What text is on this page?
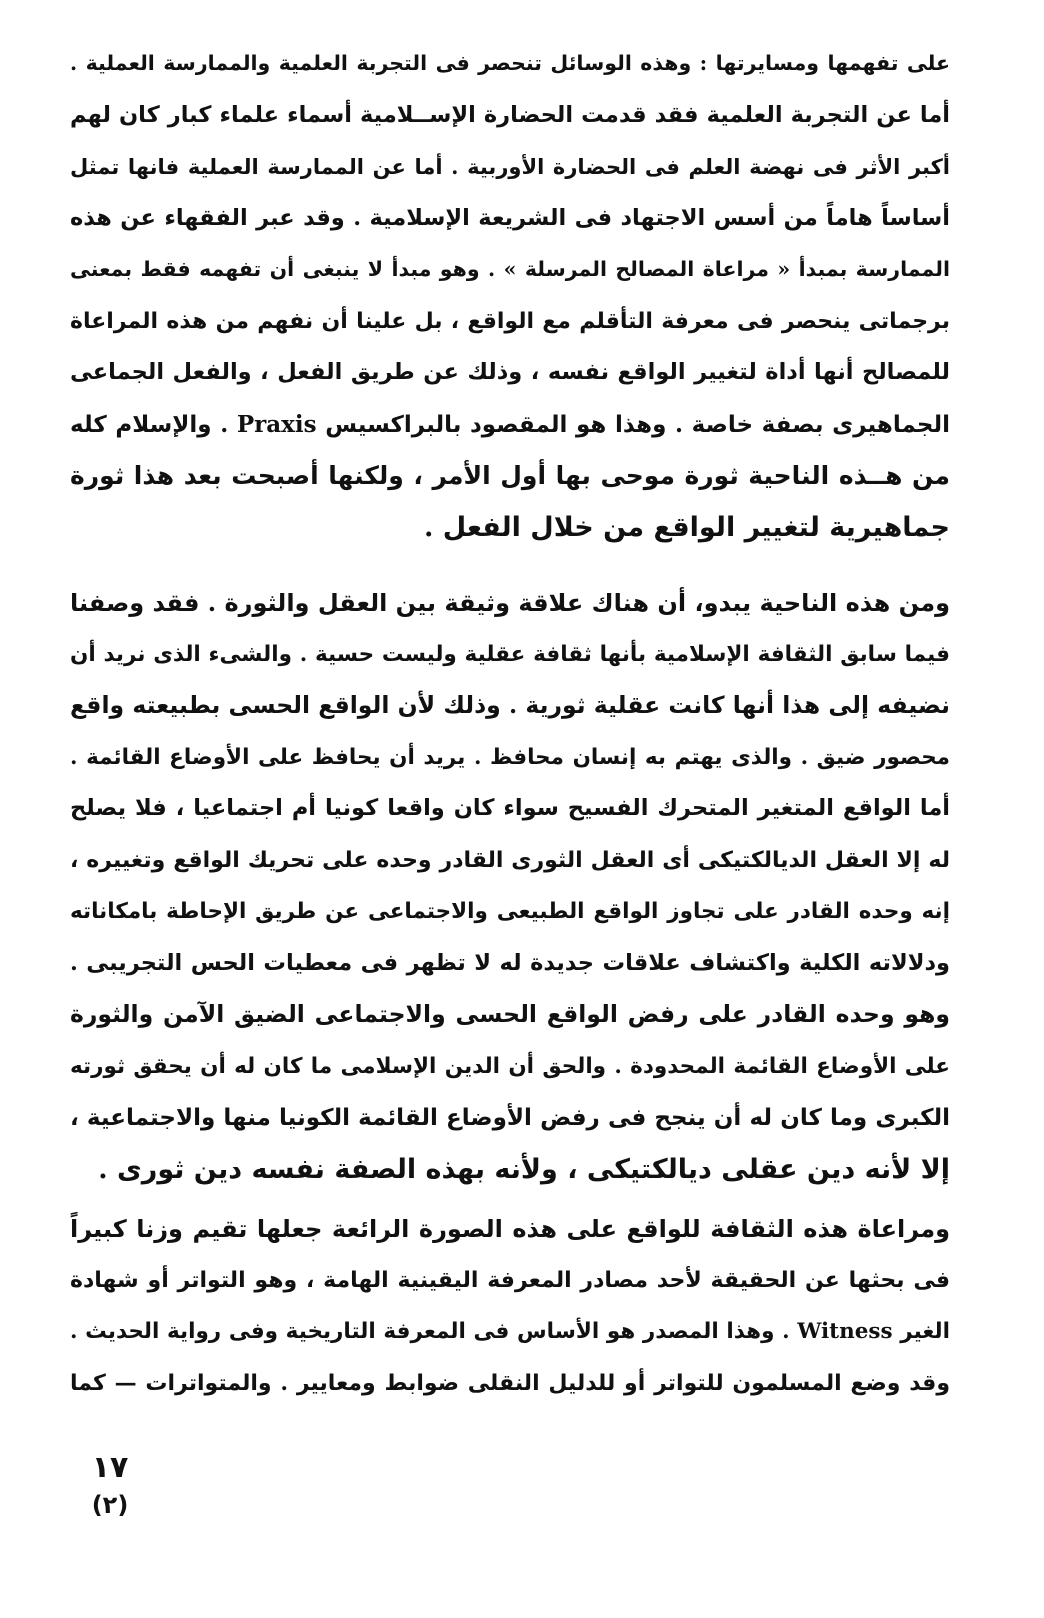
على تفهمها ومسايرتها : وهذه الوسائل تنحصر فى التجربة العلمية والممارسة العملية .
أما عن التجربة العلمية فقد قدمت الحضارة الإســلامية أسماء علماء كبار كان لهم
أكبر الأثر فى نهضة العلم فى الحضارة الأوربية . أما عن الممارسة العملية فانها تمثل
أساساً هاماً من أسس الاجتهاد فى الشريعة الإسلامية . وقد عبر الفقهاء عن هذه
الممارسة بمبدأ « مراعاة المصالح المرسلة » . وهو مبدأ لا ينبغى أن تفهمه فقط بمعنى
برجماتى ينحصر فى معرفة التأقلم مع الواقع ، بل علينا أن نفهم من هذه المراعاة
للمصالح أنها أداة لتغيير الواقع نفسه ، وذلك عن طريق الفعل ، والفعل الجماعى
الجماهيرى بصفة خاصة . وهذا هو المقصود بالبراكسيس Praxis . والإسلام كله
من هــذه الناحية ثورة موحى بها أول الأمر ، ولكنها أصبحت بعد هذا ثورة
جماهيرية لتغيير الواقع من خلال الفعل .
ومن هذه الناحية يبدو، أن هناك علاقة وثيقة بين العقل والثورة . فقد وصفنا
فيما سابق الثقافة الإسلامية بأنها ثقافة عقلية وليست حسية . والشىء الذى نريد أن
نضيفه إلى هذا أنها كانت عقلية ثورية . وذلك لأن الواقع الحسى بطبيعته واقع
محصور ضيق . والذى يهتم به إنسان محافظ . يريد أن يحافظ على الأوضاع القائمة .
أما الواقع المتغير المتحرك الفسيح سواء كان واقعا كونيا أم اجتماعيا ، فلا يصلح
له إلا العقل الديالكتيكى أى العقل الثورى القادر وحده على تحريك الواقع وتغييره ،
إنه وحده القادر على تجاوز الواقع الطبيعى والاجتماعى عن طريق الإحاطة بامكاناته
ودلالاته الكلية واكتشاف علاقات جديدة له لا تظهر فى معطيات الحس التجريبى .
وهو وحده القادر على رفض الواقع الحسى والاجتماعى الضيق الآمن والثورة
على الأوضاع القائمة المحدودة . والحق أن الدين الإسلامى ما كان له أن يحقق ثورته
الكبرى وما كان له أن ينجح فى رفض الأوضاع القائمة الكونيا منها والاجتماعية ،
إلا لأنه دين عقلى ديالكتيكى ، ولأنه بهذه الصفة نفسه دين ثورى .
ومراعاة هذه الثقافة للواقع على هذه الصورة الرائعة جعلها تقيم وزنا كبيراً
فى بحثها عن الحقيقة لأحد مصادر المعرفة اليقينية الهامة ، وهو التواتر أو شهادة
الغير Witness . وهذا المصدر هو الأساس فى المعرفة التاريخية وفى رواية الحديث .
وقد وضع المسلمون للتواتر أو للدليل النقلى ضوابط ومعايير . والمتواترات — كما
١٧
(٢)
